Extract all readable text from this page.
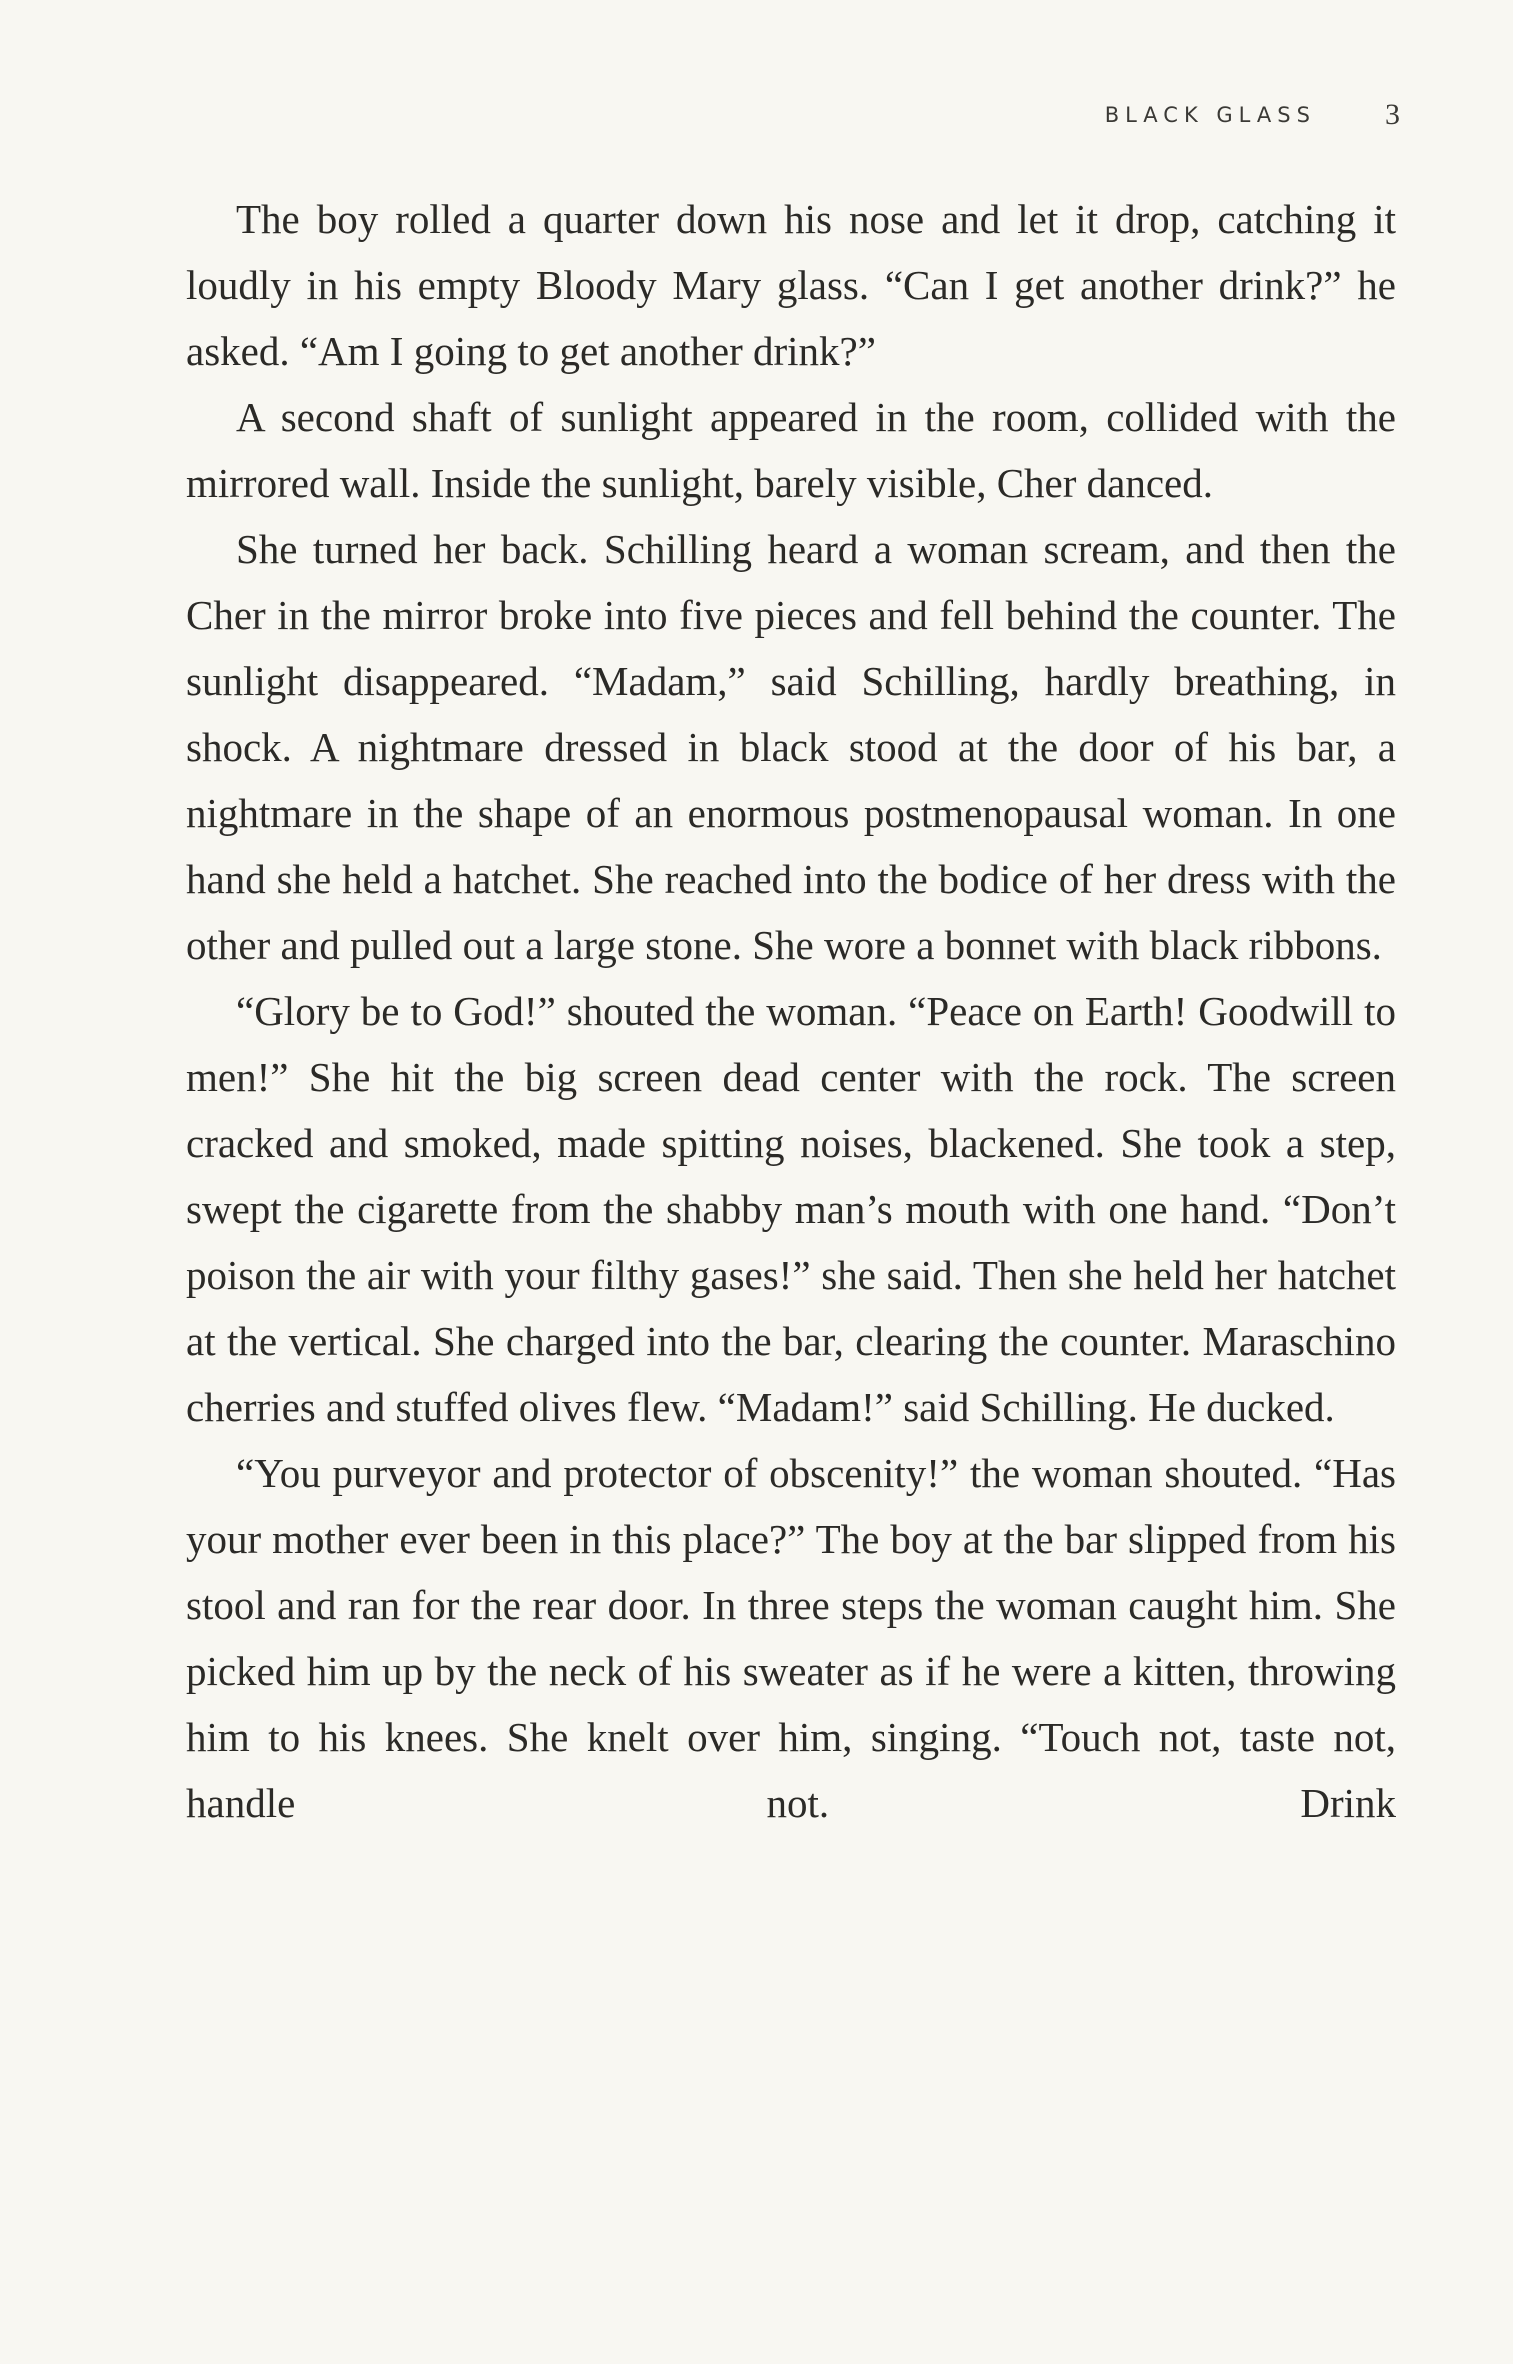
BLACK GLASS 3

The boy rolled a quarter down his nose and let it drop, catching it loudly in his empty Bloody Mary glass. “Can I get another drink?” he asked. “Am I going to get another drink?”

A second shaft of sunlight appeared in the room, collided with the mirrored wall. Inside the sunlight, barely visible, Cher danced.

She turned her back. Schilling heard a woman scream, and then the Cher in the mirror broke into five pieces and fell behind the counter. The sunlight disappeared. “Madam,” said Schilling, hardly breathing, in shock. A nightmare dressed in black stood at the door of his bar, a nightmare in the shape of an enormous postmenopausal woman. In one hand she held a hatchet. She reached into the bodice of her dress with the other and pulled out a large stone. She wore a bonnet with black ribbons.

“Glory be to God!” shouted the woman. “Peace on Earth! Goodwill to men!” She hit the big screen dead center with the rock. The screen cracked and smoked, made spitting noises, blackened. She took a step, swept the cigarette from the shabby man’s mouth with one hand. “Don’t poison the air with your filthy gases!” she said. Then she held her hatchet at the vertical. She charged into the bar, clearing the counter. Maraschino cherries and stuffed olives flew. “Madam!” said Schilling. He ducked.

“You purveyor and protector of obscenity!” the woman shouted. “Has your mother ever been in this place?” The boy at the bar slipped from his stool and ran for the rear door. In three steps the woman caught him. She picked him up by the neck of his sweater as if he were a kitten, throwing him to his knees. She knelt over him, singing. “Touch not, taste not, handle not. Drink
